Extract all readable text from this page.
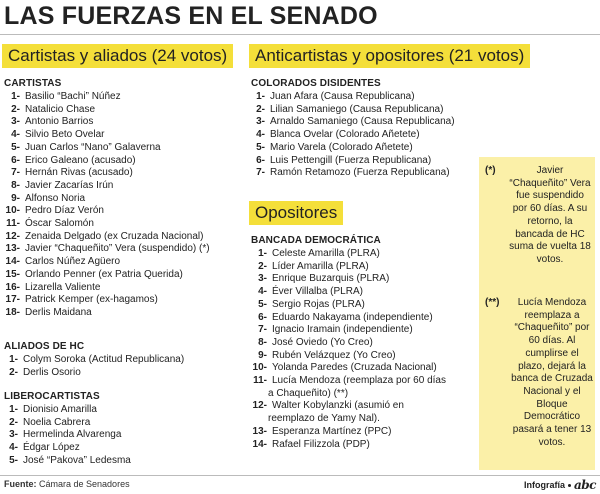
LAS FUERZAS EN EL SENADO
Cartistas y aliados (24 votos)
CARTISTAS
1- Basilio “Bachi” Núñez
2- Natalicio Chase
3- Antonio Barrios
4- Silvio Beto Ovelar
5- Juan Carlos “Nano” Galaverna
6- Erico Galeano (acusado)
7- Hernán Rivas (acusado)
8- Javier Zacarías Irún
9- Alfonso Noria
10- Pedro Díaz Verón
11- Óscar Salomón
12- Zenaida Delgado (ex Cruzada Nacional)
13- Javier “Chaqueñito” Vera (suspendido) (*)
14- Carlos Núñez Agüero
15- Orlando Penner (ex Patria Querida)
16- Lizarella Valiente
17- Patrick Kemper (ex-hagamos)
18- Derlis Maidana
ALIADOS DE HC
1- Colym Soroka (Actitud Republicana)
2- Derlis Osorio
LIBEROCARTISTAS
1- Dionisio Amarilla
2- Noelia Cabrera
3- Hermelinda Alvarenga
4- Édgar López
5- José “Pakova” Ledesma
Anticartistas y opositores (21 votos)
COLORADOS DISIDENTES
1- Juan Afara (Causa Republicana)
2- Lilian Samaniego (Causa Republicana)
3- Arnaldo Samaniego (Causa Republicana)
4- Blanca Ovelar (Colorado Añetete)
5- Mario Varela (Colorado Añetete)
6- Luis Pettengill (Fuerza Republicana)
7- Ramón Retamozo (Fuerza Republicana)
Opositores
BANCADA DEMOCRÁTICA
1- Celeste Amarilla (PLRA)
2- Líder Amarilla (PLRA)
3- Enrique Buzarquis (PLRA)
4- Éver Villalba (PLRA)
5- Sergio Rojas (PLRA)
6- Eduardo Nakayama (independiente)
7- Ignacio Iramain (independiente)
8- José Oviedo (Yo Creo)
9- Rubén Velázquez (Yo Creo)
10- Yolanda Paredes (Cruzada Nacional)
11- Lucía Mendoza (reemplaza por 60 días a Chaqueñito) (**)
12- Walter Kobylanzki (asumió en reemplazo de Yamy Nal).
13- Esperanza Martínez (PPC)
14- Rafael Filizzola (PDP)
(*)	Javier “Chaqueñito” Vera fue suspendido por 60 días. A su retorno, la bancada de HC suma de vuelta 18 votos.
(**)	Lucía Mendoza reemplaza a “Chaqueñito” por 60 días. Al cumplirse el plazo, dejará la banca de Cruzada Nacional y el Bloque Democrático pasará a tener 13 votos.
Fuente: Cámara de Senadores	Infografía abc
